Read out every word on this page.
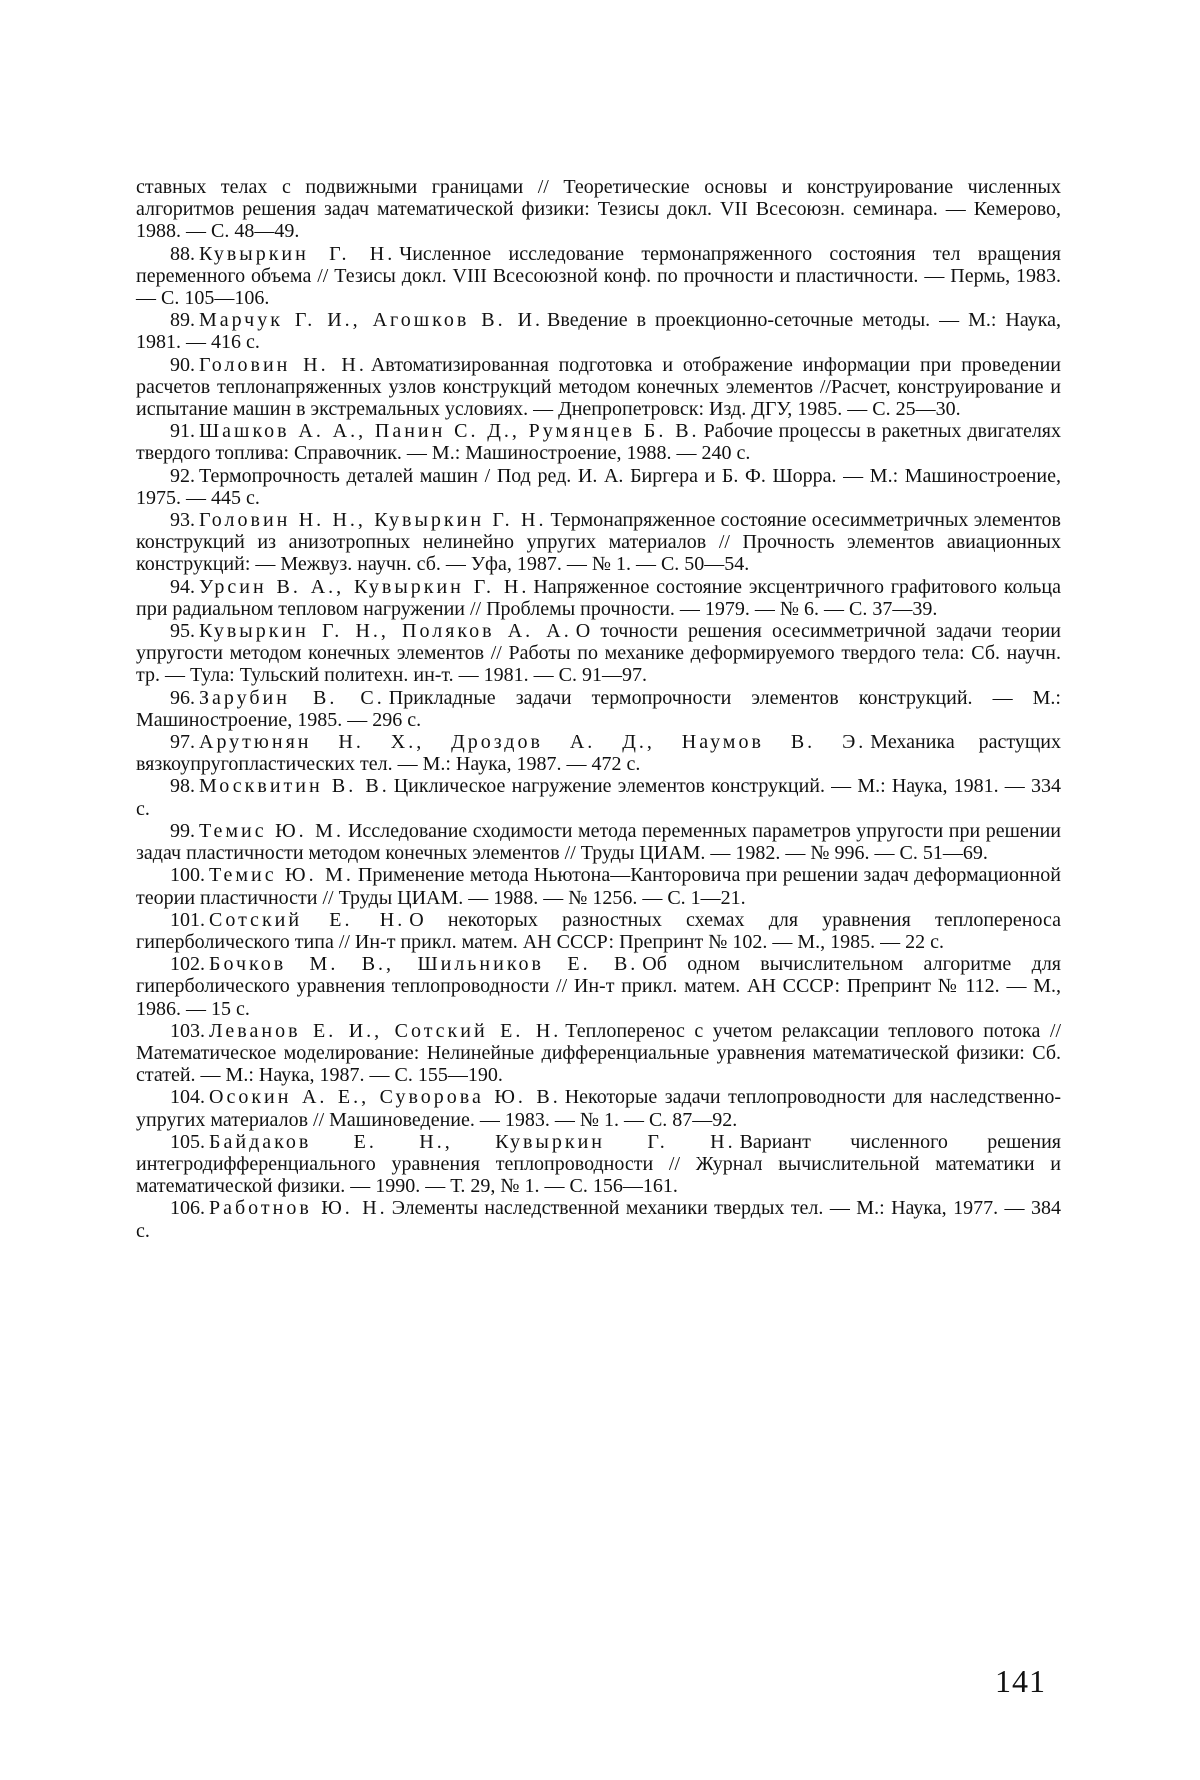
ставных телах с подвижными границами // Теоретические основы и конструирование численных алгоритмов решения задач математической физики: Тезисы докл. VII Всесоюзн. семинара. — Кемерово, 1988. — С. 48—49.

88. Кувыркин Г. Н. Численное исследование термонапряженного состояния тел вращения переменного объема // Тезисы докл. VIII Всесоюзной конф. по прочности и пластичности. — Пермь, 1983. — С. 105—106.

89. Марчук Г. И., Агошков В. И. Введение в проекционно-сеточные методы. — М.: Наука, 1981. — 416 с.

90. Головин Н. Н. Автоматизированная подготовка и отображение информации при проведении расчетов теплонапряженных узлов конструкций методом конечных элементов //Расчет, конструирование и испытание машин в экстремальных условиях. — Днепропетровск: Изд. ДГУ, 1985. — С. 25—30.

91. Шашков А. А., Панин С. Д., Румянцев Б. В. Рабочие процессы в ракетных двигателях твердого топлива: Справочник. — М.: Машиностроение, 1988. — 240 с.

92. Термопрочность деталей машин / Под ред. И. А. Биргера и Б. Ф. Шорра. — М.: Машиностроение, 1975. — 445 с.

93. Головин Н. Н., Кувыркин Г. Н. Термонапряженное состояние осесимметричных элементов конструкций из анизотропных нелинейно упругих материалов // Прочность элементов авиационных конструкций: — Межвуз. научн. сб. — Уфа, 1987. — № 1. — С. 50—54.

94. Урсин В. А., Кувыркин Г. Н. Напряженное состояние эксцентричного графитового кольца при радиальном тепловом нагружении // Проблемы прочности. — 1979. — № 6. — С. 37—39.

95. Кувыркин Г. Н., Поляков А. А. О точности решения осесимметричной задачи теории упругости методом конечных элементов // Работы по механике деформируемого твердого тела: Сб. научн. тр. — Тула: Тульский политехн. ин-т. — 1981. — С. 91—97.

96. Зарубин В. С. Прикладные задачи термопрочности элементов конструкций. — М.: Машиностроение, 1985. — 296 с.

97. Арутюнян Н. Х., Дроздов А. Д., Наумов В. Э. Механика растущих вязкоупругопластических тел. — М.: Наука, 1987. — 472 с.

98. Москвитин В. В. Циклическое нагружение элементов конструкций. — М.: Наука, 1981. — 334 с.

99. Темис Ю. М. Исследование сходимости метода переменных параметров упругости при решении задач пластичности методом конечных элементов // Труды ЦИАМ. — 1982. — № 996. — С. 51—69.

100. Темис Ю. М. Применение метода Ньютона—Канторовича при решении задач деформационной теории пластичности // Труды ЦИАМ. — 1988. — № 1256. — С. 1—21.

101. Сотский Е. Н. О некоторых разностных схемах для уравнения теплопереноса гиперболического типа // Ин-т прикл. матем. АН СССР: Препринт № 102. — М., 1985. — 22 с.

102. Бочков М. В., Шильников Е. В. Об одном вычислительном алгоритме для гиперболического уравнения теплопроводности // Ин-т прикл. матем. АН СССР: Препринт № 112. — М., 1986. — 15 с.

103. Леванов Е. И., Сотский Е. Н. Теплоперенос с учетом релаксации теплового потока // Математическое моделирование: Нелинейные дифференциальные уравнения математической физики: Сб. статей. — М.: Наука, 1987. — С. 155—190.

104. Осокин А. Е., Суворова Ю. В. Некоторые задачи теплопроводности для наследственно-упругих материалов // Машиноведение. — 1983. — № 1. — С. 87—92.

105. Байдаков Е. Н., Кувыркин Г. Н. Вариант численного решения интегродифференциального уравнения теплопроводности // Журнал вычислительной математики и математической физики. — 1990. — Т. 29, № 1. — С. 156—161.

106. Работнов Ю. Н. Элементы наследственной механики твердых тел. — М.: Наука, 1977. — 384 с.

141
